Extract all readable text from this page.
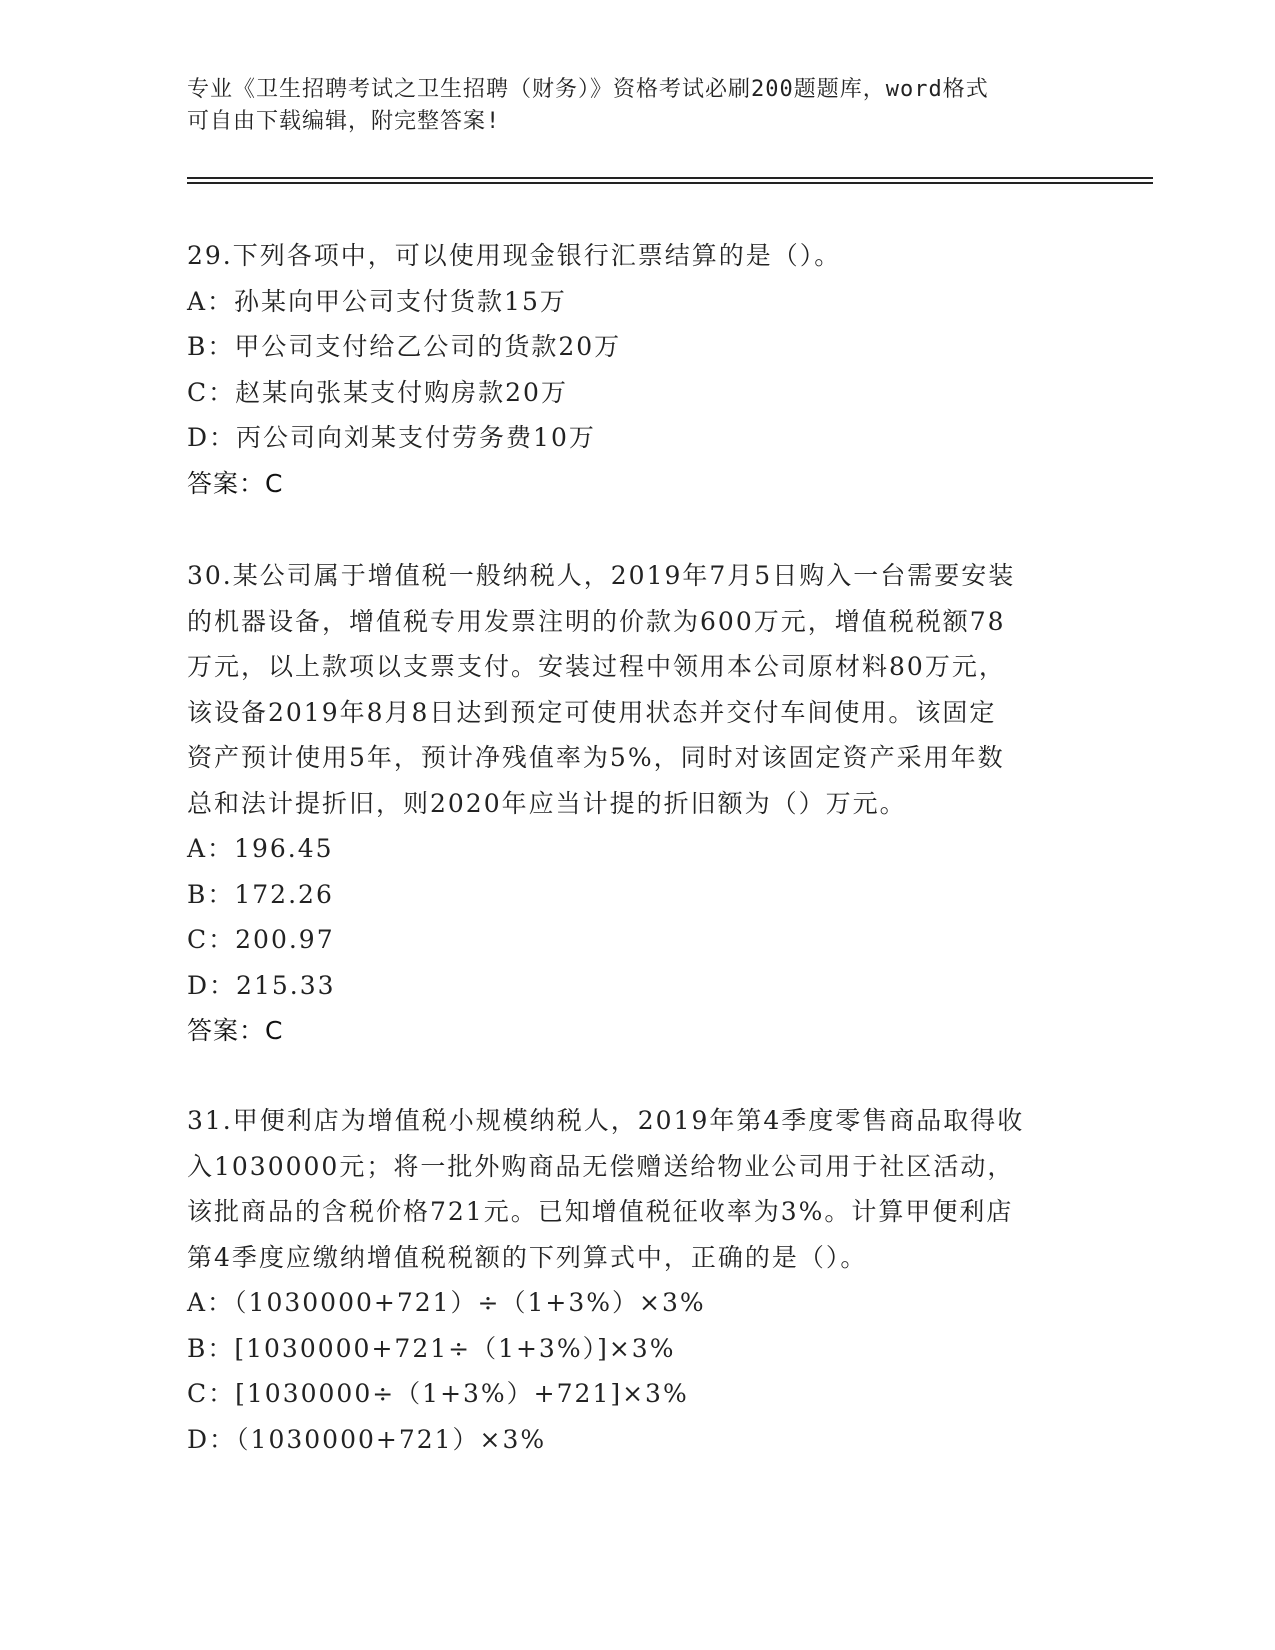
专业《卫生招聘考试之卫生招聘（财务）》资格考试必刷200题题库，word格式
可自由下载编辑，附完整答案!
29.下列各项中，可以使用现金银行汇票结算的是（）。
A：孙某向甲公司支付货款15万
B：甲公司支付给乙公司的货款20万
C：赵某向张某支付购房款20万
D：丙公司向刘某支付劳务费10万
答案：C
30.某公司属于增值税一般纳税人，2019年7月5日购入一台需要安装
的机器设备，增值税专用发票注明的价款为600万元，增值税税额78
万元，以上款项以支票支付。安装过程中领用本公司原材料80万元，
该设备2019年8月8日达到预定可使用状态并交付车间使用。该固定
资产预计使用5年，预计净残值率为5%，同时对该固定资产采用年数
总和法计提折旧，则2020年应当计提的折旧额为（）万元。
A：196.45
B：172.26
C：200.97
D：215.33
答案：C
31.甲便利店为增值税小规模纳税人，2019年第4季度零售商品取得收
入1030000元；将一批外购商品无偿赠送给物业公司用于社区活动，
该批商品的含税价格721元。已知增值税征收率为3%。计算甲便利店
第4季度应缴纳增值税税额的下列算式中，正确的是（）。
A：（1030000+721）÷（1+3%）×3%
B：[1030000+721÷（1+3%）]×3%
C：[1030000÷（1+3%）+721]×3%
D：（1030000+721）×3%
